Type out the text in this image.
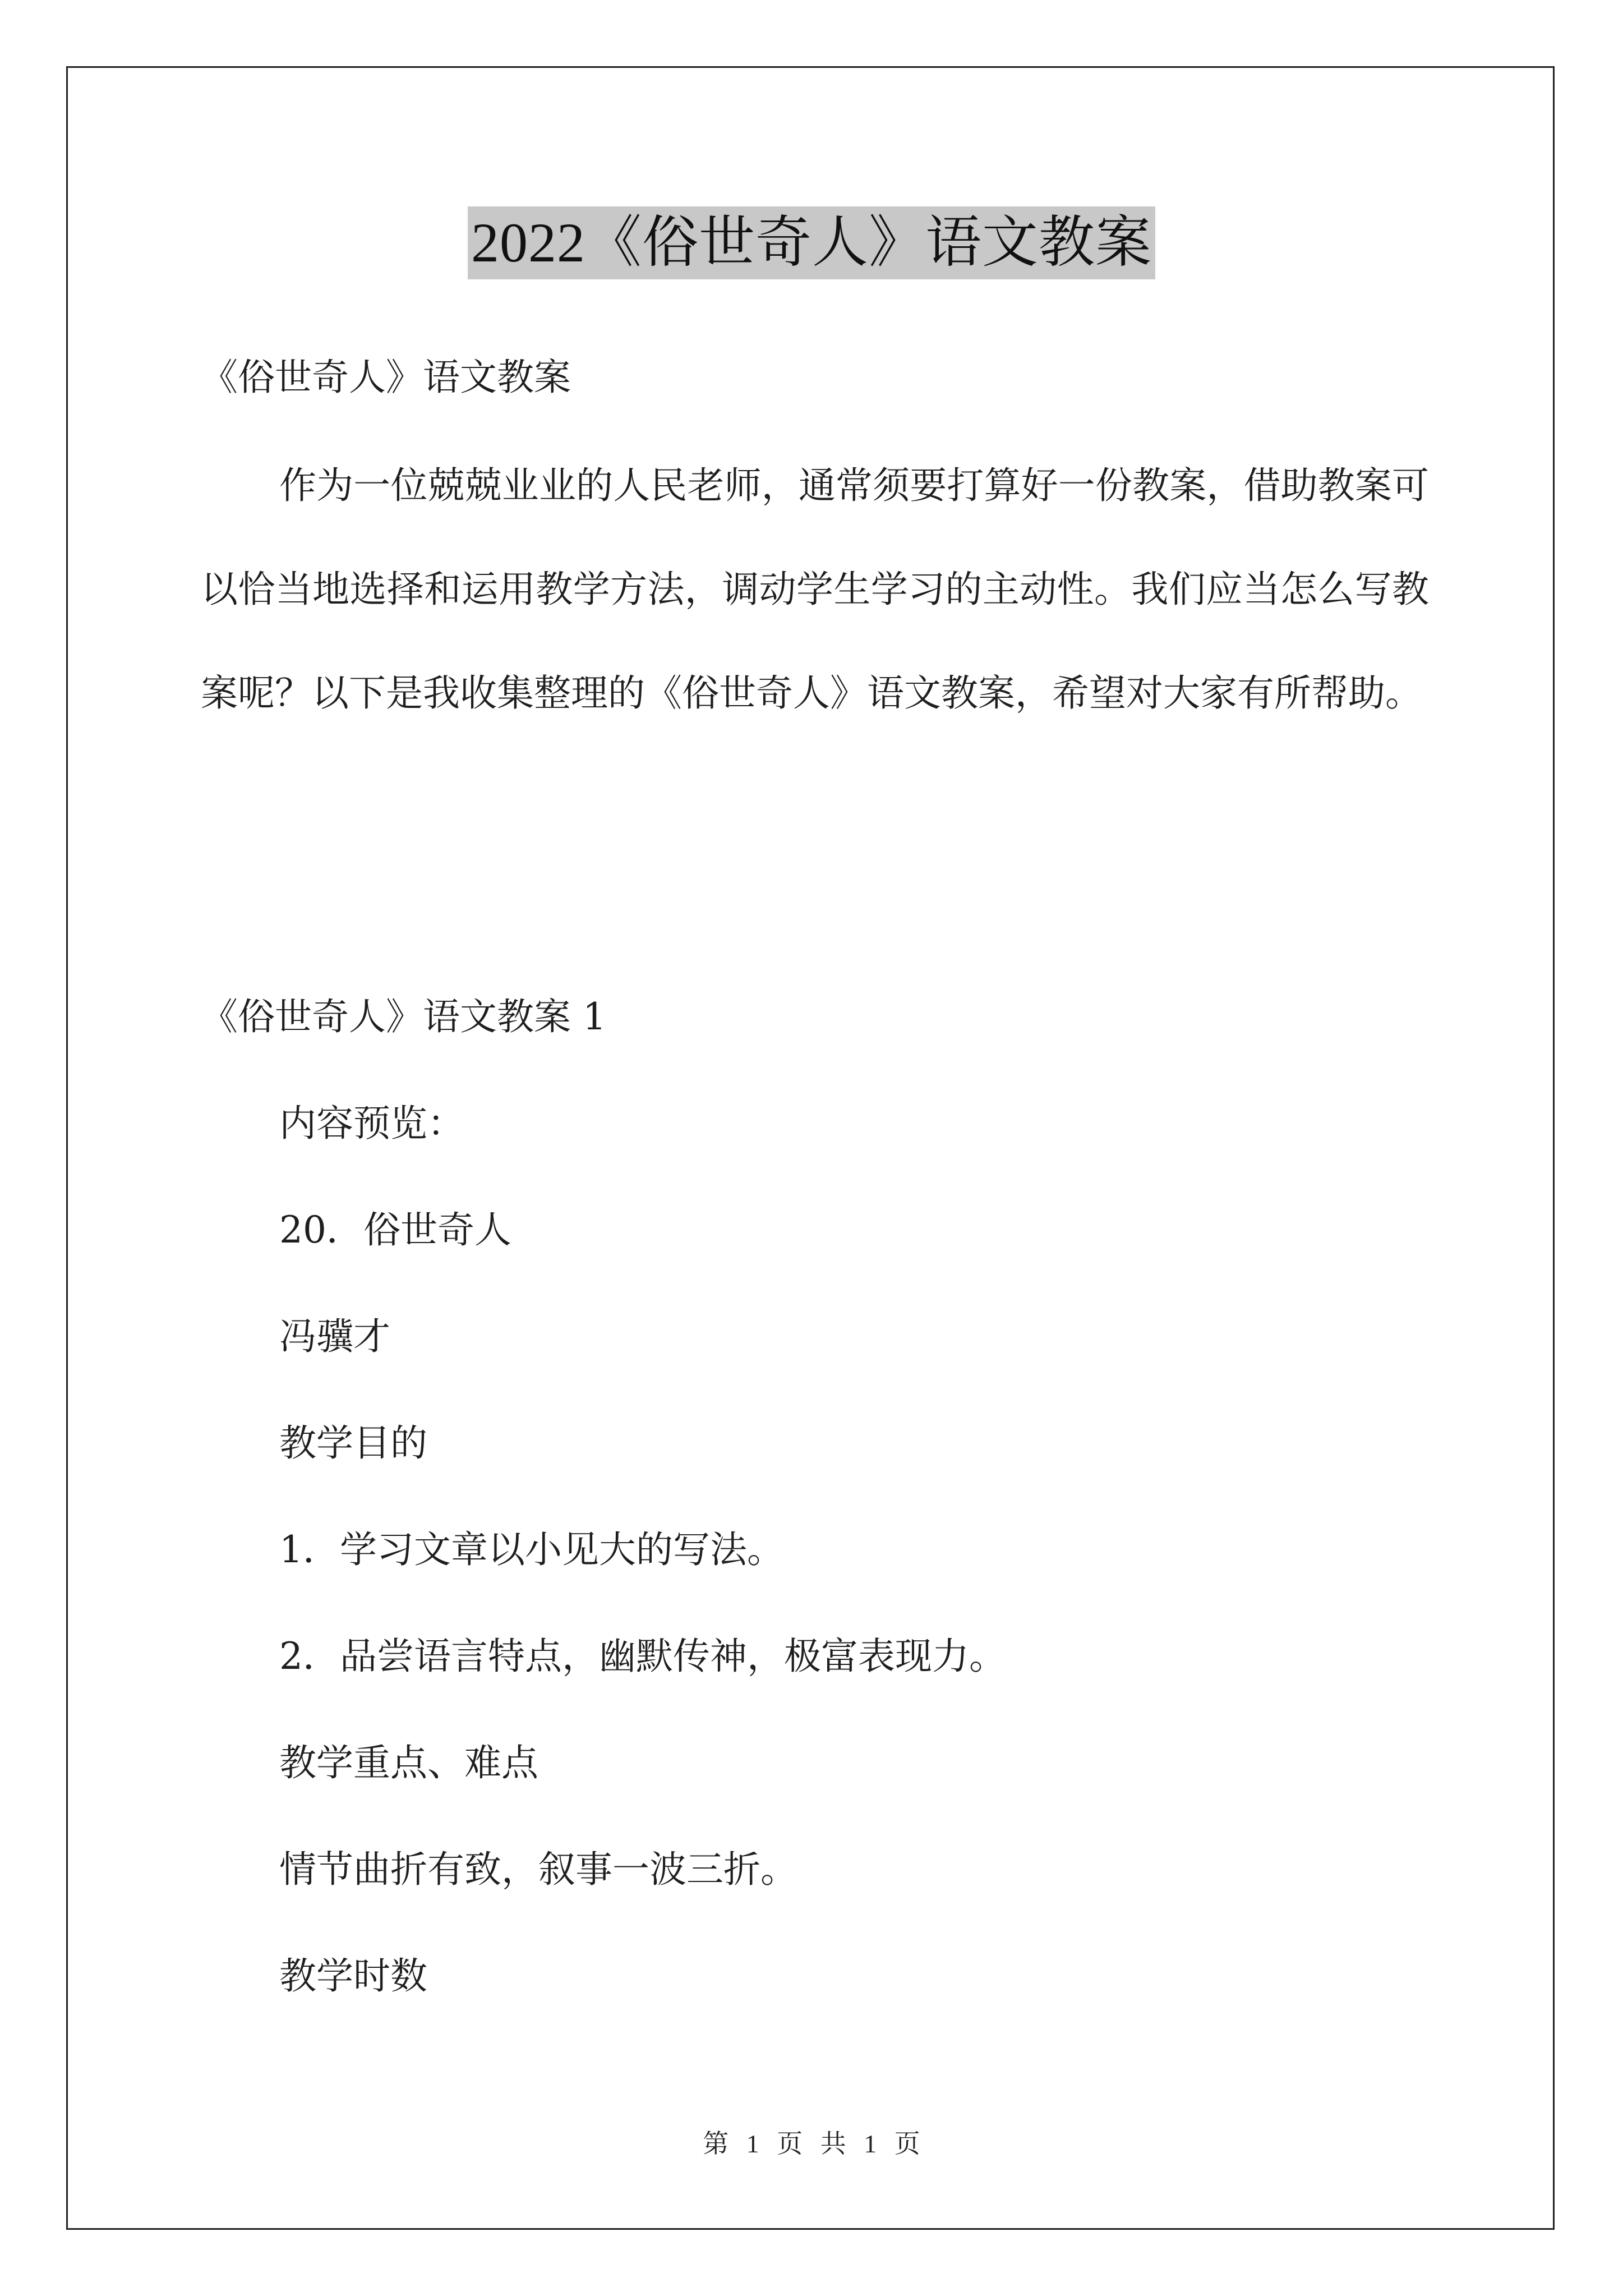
2022《俗世奇人》语文教案
《俗世奇人》语文教案
作为一位兢兢业业的人民老师，通常须要打算好一份教案，借助教案可以恰当地选择和运用教学方法，调动学生学习的主动性。我们应当怎么写教案呢？以下是我收集整理的《俗世奇人》语文教案，希望对大家有所帮助。
《俗世奇人》语文教案 1
内容预览：
20．俗世奇人
冯骥才
教学目的
1．学习文章以小见大的写法。
2．品尝语言特点，幽默传神，极富表现力。
教学重点、难点
情节曲折有致，叙事一波三折。
教学时数
第 1 页 共 1 页
